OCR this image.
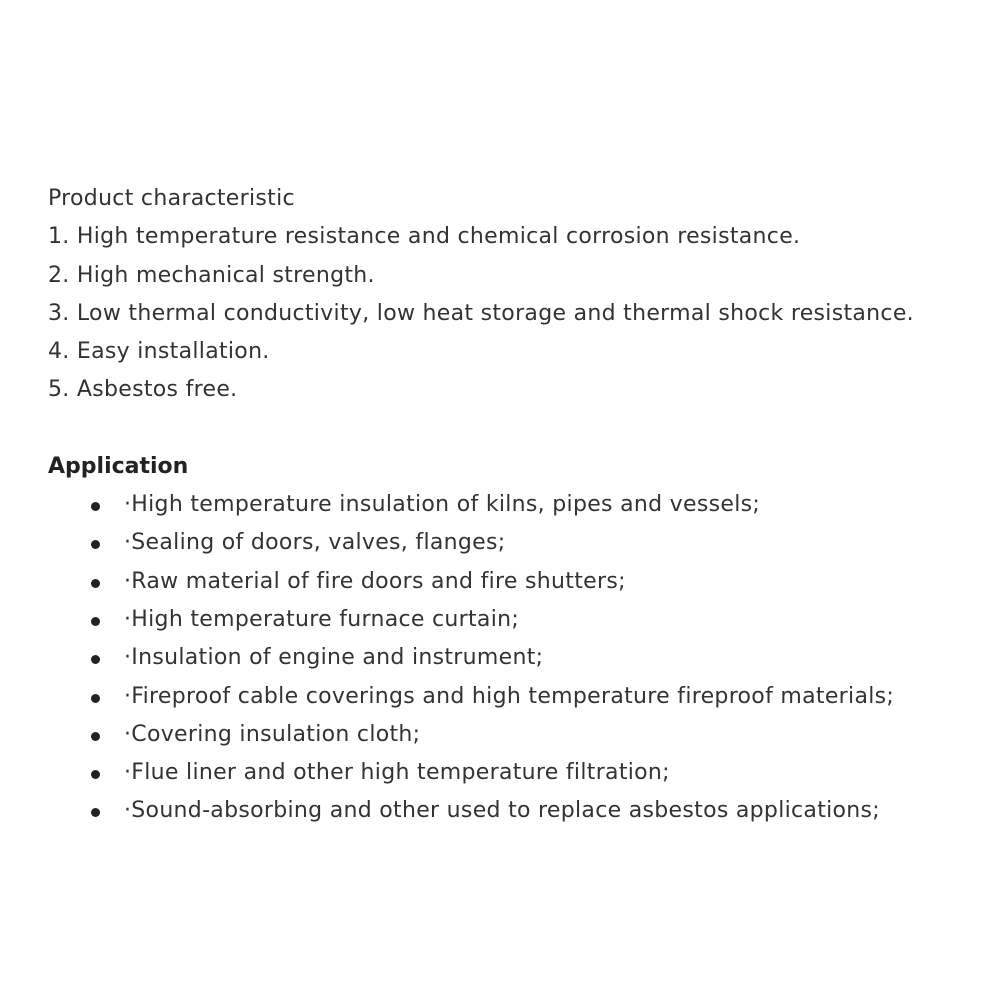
Product characteristic
1. High temperature resistance and chemical corrosion resistance.
2. High mechanical strength.
3. Low thermal conductivity, low heat storage and thermal shock resistance.
4. Easy installation.
5. Asbestos free.
Application
·High temperature insulation of kilns, pipes and vessels;
·Sealing of doors, valves, flanges;
·Raw material of fire doors and fire shutters;
·High temperature furnace curtain;
·Insulation of engine and instrument;
·Fireproof cable coverings and high temperature fireproof materials;
·Covering insulation cloth;
·Flue liner and other high temperature filtration;
·Sound-absorbing and other used to replace asbestos applications;
